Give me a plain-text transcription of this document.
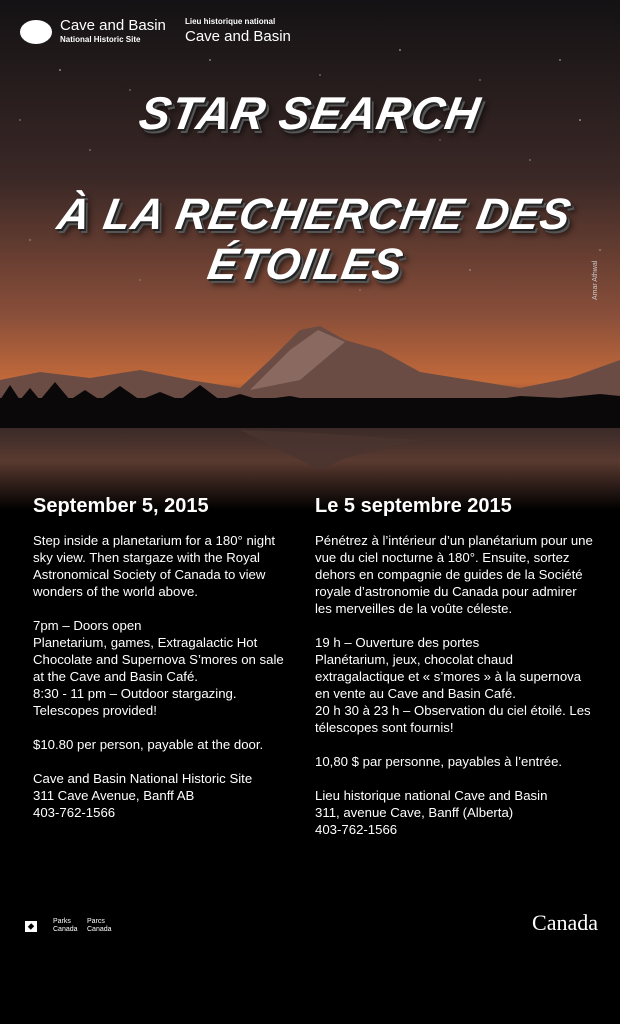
Cave and Basin
National Historic Site
Lieu historique national
Cave and Basin
STAR SEARCH
À LA RECHERCHE DES ÉTOILES	Amar Athwal
September 5, 2015

Step inside a planetarium for a 180° night sky view. Then stargaze with the Royal Astronomical Society of Canada to view wonders of the world above.

7pm – Doors open
Planetarium, games, Extragalactic Hot Chocolate and Supernova S’mores on sale at the Cave and Basin Café.
8:30 - 11 pm – Outdoor stargazing. Telescopes provided!

$10.80 per person, payable at the door.

Cave and Basin National Historic Site
311 Cave Avenue, Banff AB
403-762-1566

Le 5 septembre 2015

Pénétrez à l’intérieur d’un planétarium pour une vue du ciel nocturne à 180°. Ensuite, sortez dehors en compagnie de guides de la Société royale d’astronomie du Canada pour admirer les merveilles de la voûte céleste.

19 h – Ouverture des portes
Planétarium, jeux, chocolat chaud extragalactique et « s’mores » à la supernova en vente au Cave and Basin Café.
20 h 30 à 23 h – Observation du ciel étoilé. Les télescopes sont fournis!

10,80 $ par personne, payables à l’entrée.

Lieu historique national Cave and Basin
311, avenue Cave, Banff (Alberta)
403-762-1566

Parks
Canada
Parcs
Canada	Canada
